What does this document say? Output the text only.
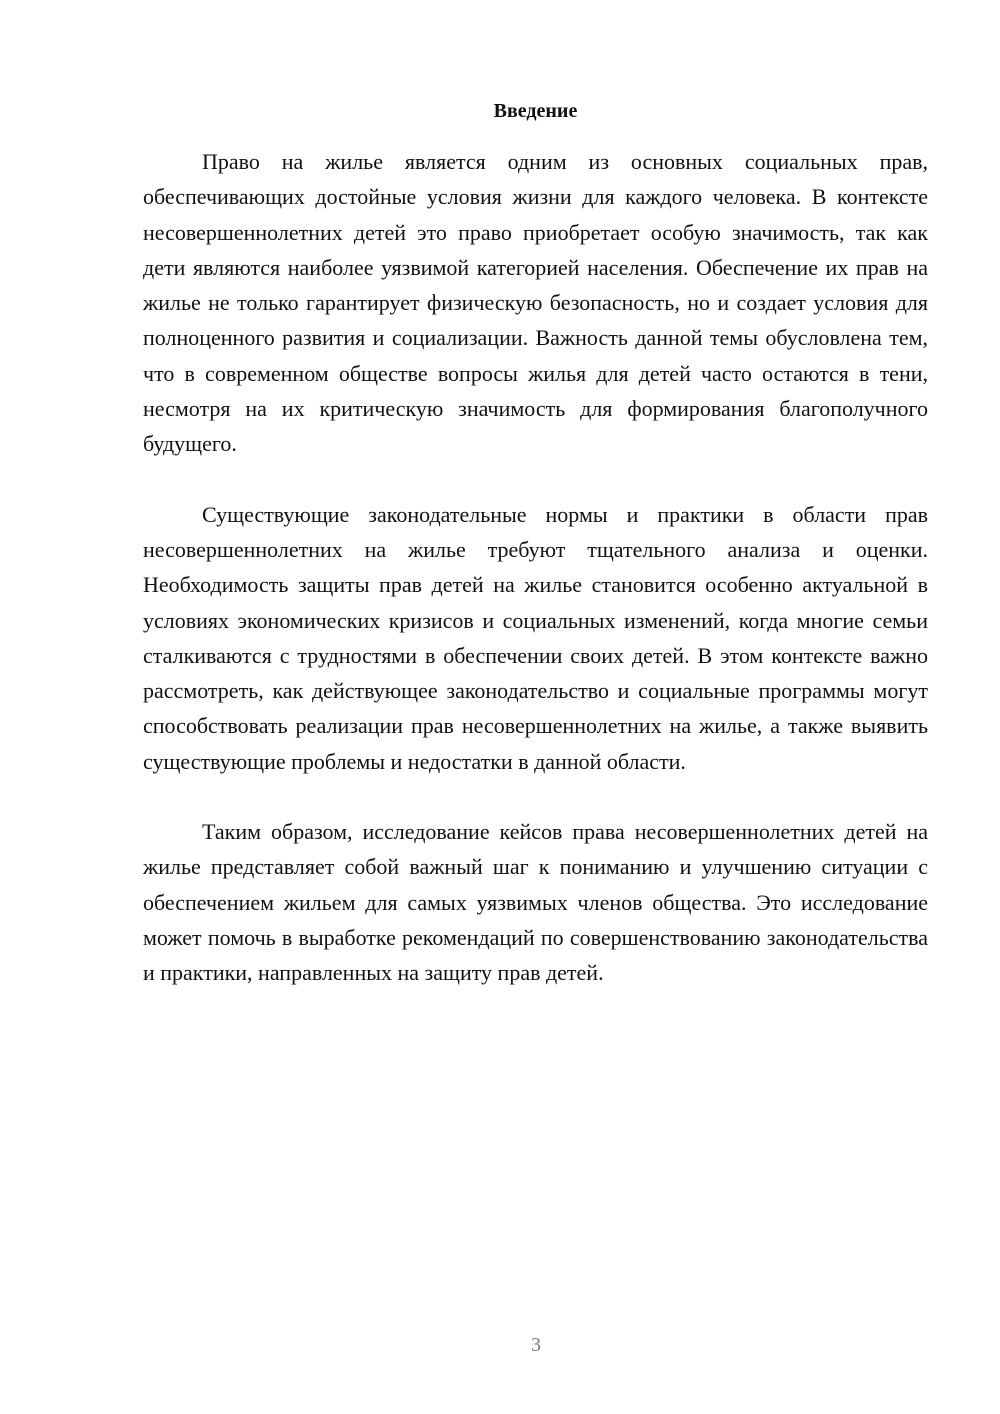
Введение

Право на жилье является одним из основных социальных прав, обеспечивающих достойные условия жизни для каждого человека. В контексте несовершеннолетних детей это право приобретает особую значимость, так как дети являются наиболее уязвимой категорией населения. Обеспечение их прав на жилье не только гарантирует физическую безопасность, но и создает условия для полноценного развития и социализации. Важность данной темы обусловлена тем, что в современном обществе вопросы жилья для детей часто остаются в тени, несмотря на их критическую значимость для формирования благополучного будущего.

Существующие законодательные нормы и практики в области прав несовершеннолетних на жилье требуют тщательного анализа и оценки. Необходимость защиты прав детей на жилье становится особенно актуальной в условиях экономических кризисов и социальных изменений, когда многие семьи сталкиваются с трудностями в обеспечении своих детей. В этом контексте важно рассмотреть, как действующее законодательство и социальные программы могут способствовать реализации прав несовершеннолетних на жилье, а также выявить существующие проблемы и недостатки в данной области.

Таким образом, исследование кейсов права несовершеннолетних детей на жилье представляет собой важный шаг к пониманию и улучшению ситуации с обеспечением жильем для самых уязвимых членов общества. Это исследование может помочь в выработке рекомендаций по совершенствованию законодательства и практики, направленных на защиту прав детей.

3
